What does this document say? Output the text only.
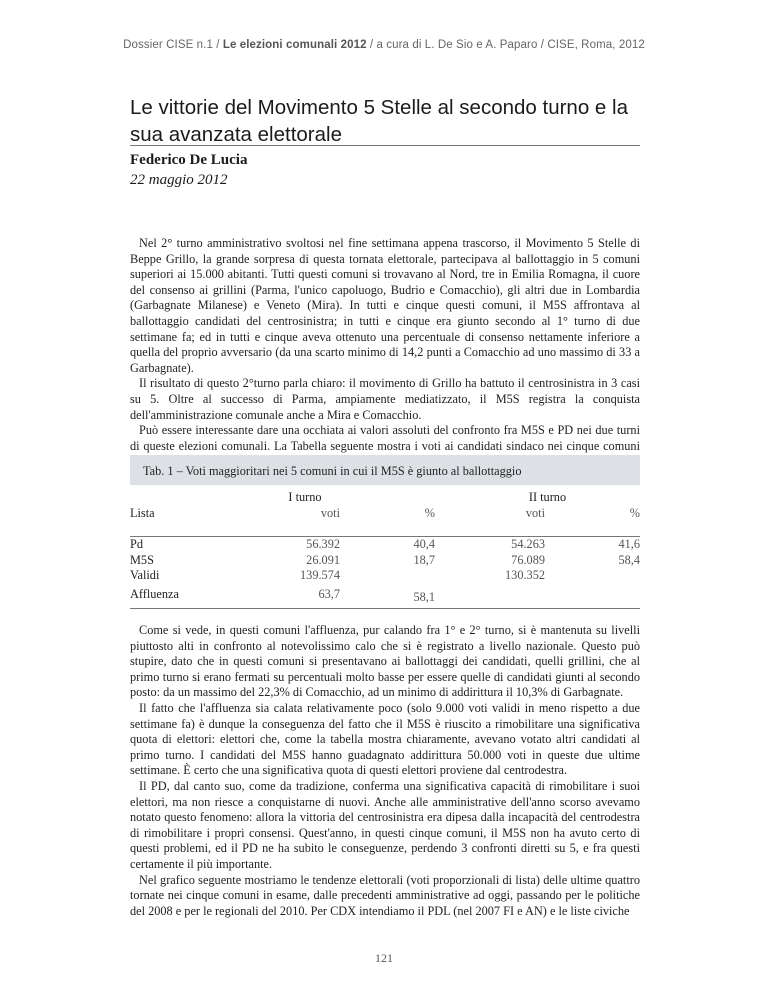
Dossier CISE n.1 / Le elezioni comunali 2012 / a cura di L. De Sio e A. Paparo / CISE, Roma, 2012
Le vittorie del Movimento 5 Stelle al secondo turno e la sua avanzata elettorale
Federico De Lucia
22 maggio 2012

Nel 2° turno amministrativo svoltosi nel fine settimana appena trascorso, il Movimento 5 Stelle di Beppe Grillo, la grande sorpresa di questa tornata elettorale, partecipava al ballottaggio in 5 comuni superiori ai 15.000 abitanti. Tutti questi comuni si trovavano al Nord, tre in Emilia Romagna, il cuore del consenso ai grillini (Parma, l'unico capoluogo, Budrio e Comacchio), gli altri due in Lombardia (Garbagnate Milanese) e Veneto (Mira). In tutti e cinque questi comuni, il M5S affrontava al ballottaggio candidati del centrosinistra; in tutti e cinque era giunto secondo al 1° turno di due settimane fa; ed in tutti e cinque aveva ottenuto una percentuale di consenso nettamente inferiore a quella del proprio avversario (da una scarto minimo di 14,2 punti a Comacchio ad uno massimo di 33 a Garbagnate).

Il risultato di questo 2°turno parla chiaro: il movimento di Grillo ha battuto il centrosinistra in 3 casi su 5. Oltre al successo di Parma, ampiamente mediatizzato, il M5S registra la conquista dell'amministrazione comunale anche a Mira e Comacchio.

Può essere interessante dare una occhiata ai valori assoluti del confronto fra M5S e PD nei due turni di queste elezioni comunali. La Tabella seguente mostra i voti ai candidati sindaco nei cinque comuni

Tab. 1 – Voti maggioritari nei 5 comuni in cui il M5S è giunto al ballottaggio
	I turno		II turno	
Lista	voti	%	voti	%

Pd	56.392	40,4	54.263	41,6
M5S	26.091	18,7	76.089	58,4
Validi	139.574		130.352	
Affluenza	63,7	58,1		

Come si vede, in questi comuni l'affluenza, pur calando fra 1° e 2° turno, si è mantenuta su livelli piuttosto alti in confronto al notevolissimo calo che si è registrato a livello nazionale. Questo può stupire, dato che in questi comuni si presentavano ai ballottaggi dei candidati, quelli grillini, che al primo turno si erano fermati su percentuali molto basse per essere quelle di candidati giunti al secondo posto: da un massimo del 22,3% di Comacchio, ad un minimo di addirittura il 10,3% di Garbagnate.

Il fatto che l'affluenza sia calata relativamente poco (solo 9.000 voti validi in meno rispetto a due settimane fa) è dunque la conseguenza del fatto che il M5S è riuscito a rimobilitare una significativa quota di elettori: elettori che, come la tabella mostra chiaramente, avevano votato altri candidati al primo turno. I candidati del M5S hanno guadagnato addirittura 50.000 voti in queste due ultime settimane. È certo che una significativa quota di questi elettori proviene dal centrodestra.

Il PD, dal canto suo, come da tradizione, conferma una significativa capacità di rimobilitare i suoi elettori, ma non riesce a conquistarne di nuovi. Anche alle amministrative dell'anno scorso avevamo notato questo fenomeno: allora la vittoria del centrosinistra era dipesa dalla incapacità del centrodestra di rimobilitare i propri consensi. Quest'anno, in questi cinque comuni, il M5S non ha avuto certo di questi problemi, ed il PD ne ha subito le conseguenze, perdendo 3 confronti diretti su 5, e fra questi certamente il più importante.

Nel grafico seguente mostriamo le tendenze elettorali (voti proporzionali di lista) delle ultime quattro tornate nei cinque comuni in esame, dalle precedenti amministrative ad oggi, passando per le politiche del 2008 e per le regionali del 2010. Per CDX intendiamo il PDL (nel 2007 FI e AN) e le liste civiche

121
